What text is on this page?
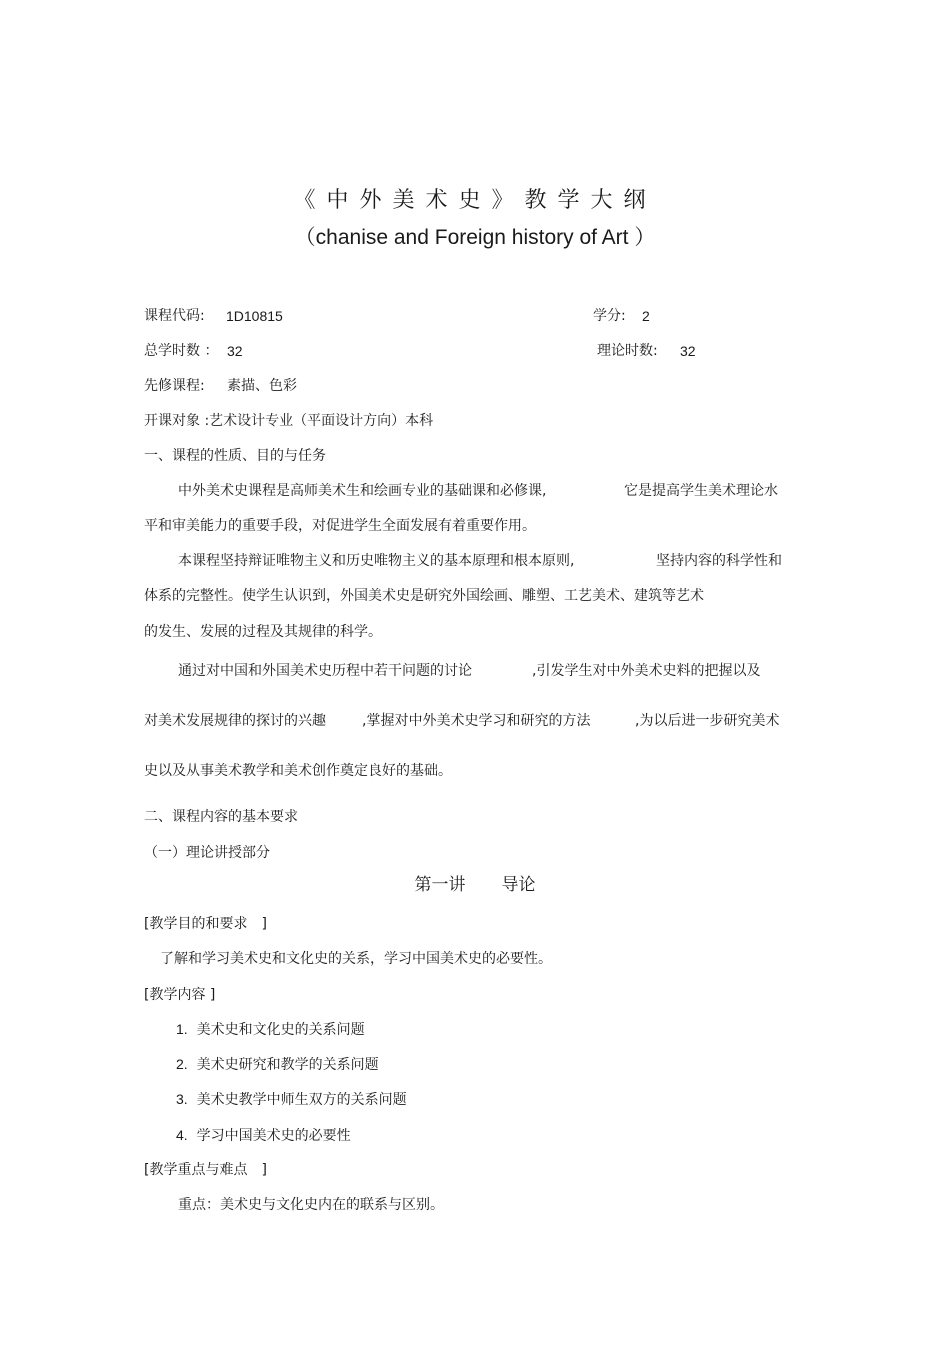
《中外美术史》教学大纲
（chanise and Foreign history of Art ）
课程代码: 1D10815	学分: 2
总学时数 ： 32	理论时数: 32
先修课程: 素描、色彩
开课对象 :艺术设计专业（平面设计方向）本科
一、课程的性质、目的与任务
中外美术史课程是高师美术生和绘画专业的基础课和必修课,	它是提高学生美术理论水
平和审美能力的重要手段，对促进学生全面发展有着重要作用。
本课程坚持辩证唯物主义和历史唯物主义的基本原理和根本原则,	坚持内容的科学性和
体系的完整性。使学生认识到，外国美术史是研究外国绘画、雕塑、工艺美术、建筑等艺术
的发生、发展的过程及其规律的科学。
通过对中国和外国美术史历程中若干问题的讨论	,引发学生对中外美术史料的把握以及
对美术发展规律的探讨的兴趣	,掌握对中外美术史学习和研究的方法	,为以后进一步研究美术
史以及从事美术教学和美术创作奠定良好的基础。
二、课程内容的基本要求
（一）理论讲授部分
第一讲 导论
[教学目的和要求　]
了解和学习美术史和文化史的关系，学习中国美术史的必要性。
[教学内容 ]
1. 美术史和文化史的关系问题
2. 美术史研究和教学的关系问题
3. 美术史教学中师生双方的关系问题
4. 学习中国美术史的必要性
[教学重点与难点　]
重点：美术史与文化史内在的联系与区别。
